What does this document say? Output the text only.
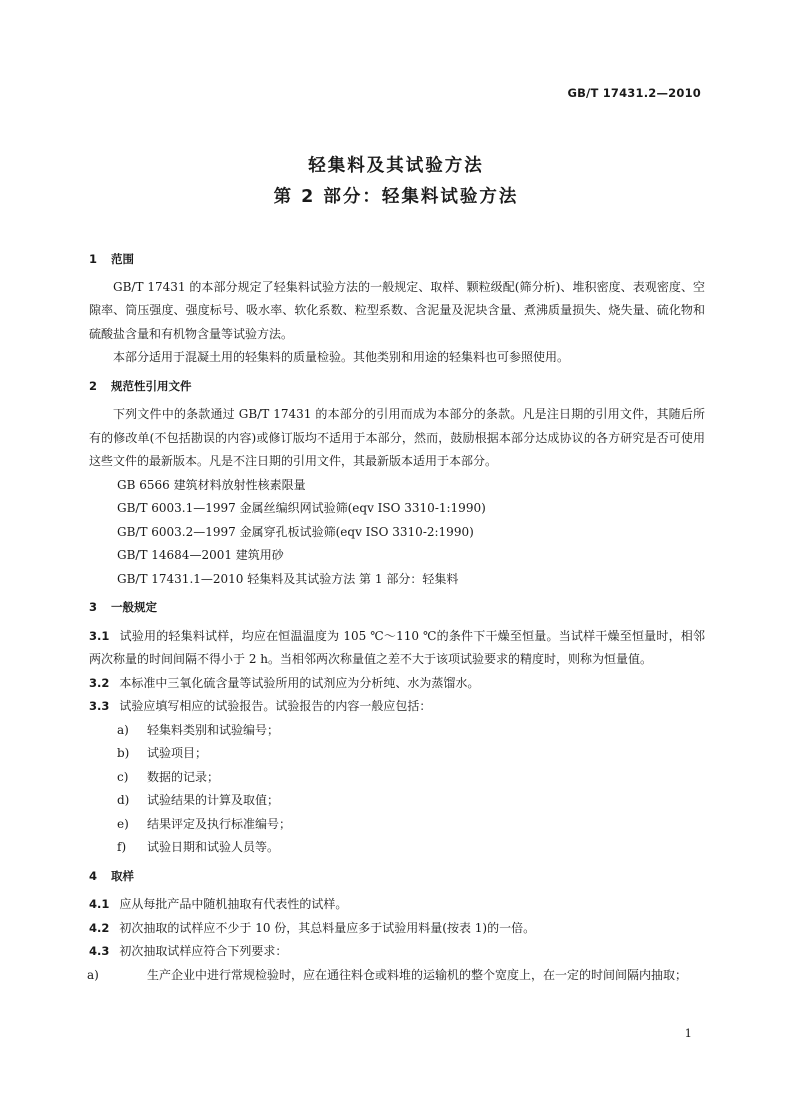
GB/T 17431.2—2010
轻集料及其试验方法
第 2 部分：轻集料试验方法
1 范围

GB/T 17431 的本部分规定了轻集料试验方法的一般规定、取样、颗粒级配(筛分析)、堆积密度、表观密度、空隙率、筒压强度、强度标号、吸水率、软化系数、粒型系数、含泥量及泥块含量、煮沸质量损失、烧失量、硫化物和硫酸盐含量和有机物含量等试验方法。

本部分适用于混凝土用的轻集料的质量检验。其他类别和用途的轻集料也可参照使用。

2 规范性引用文件

下列文件中的条款通过 GB/T 17431 的本部分的引用而成为本部分的条款。凡是注日期的引用文件，其随后所有的修改单(不包括勘误的内容)或修订版均不适用于本部分，然而，鼓励根据本部分达成协议的各方研究是否可使用这些文件的最新版本。凡是不注日期的引用文件，其最新版本适用于本部分。

GB 6566 建筑材料放射性核素限量
GB/T 6003.1—1997 金属丝编织网试验筛(eqv ISO 3310-1:1990)
GB/T 6003.2—1997 金属穿孔板试验筛(eqv ISO 3310-2:1990)
GB/T 14684—2001 建筑用砂
GB/T 17431.1—2010 轻集料及其试验方法 第 1 部分：轻集料
3 一般规定
3.1 试验用的轻集料试样，均应在恒温温度为 105 ℃～110 ℃的条件下干燥至恒量。当试样干燥至恒量时，相邻两次称量的时间间隔不得小于 2 h。当相邻两次称量值之差不大于该项试验要求的精度时，则称为恒量值。
3.2 本标准中三氧化硫含量等试验所用的试剂应为分析纯、水为蒸馏水。
3.3 试验应填写相应的试验报告。试验报告的内容一般应包括：
a) 轻集料类别和试验编号；
b) 试验项目；
c) 数据的记录；
d) 试验结果的计算及取值；
e) 结果评定及执行标准编号；
f) 试验日期和试验人员等。
4 取样
4.1 应从每批产品中随机抽取有代表性的试样。
4.2 初次抽取的试样应不少于 10 份，其总料量应多于试验用料量(按表 1)的一倍。
4.3 初次抽取试样应符合下列要求：
a)	生产企业中进行常规检验时，应在通往料仓或料堆的运输机的整个宽度上，在一定的时间间隔内抽取；
1
